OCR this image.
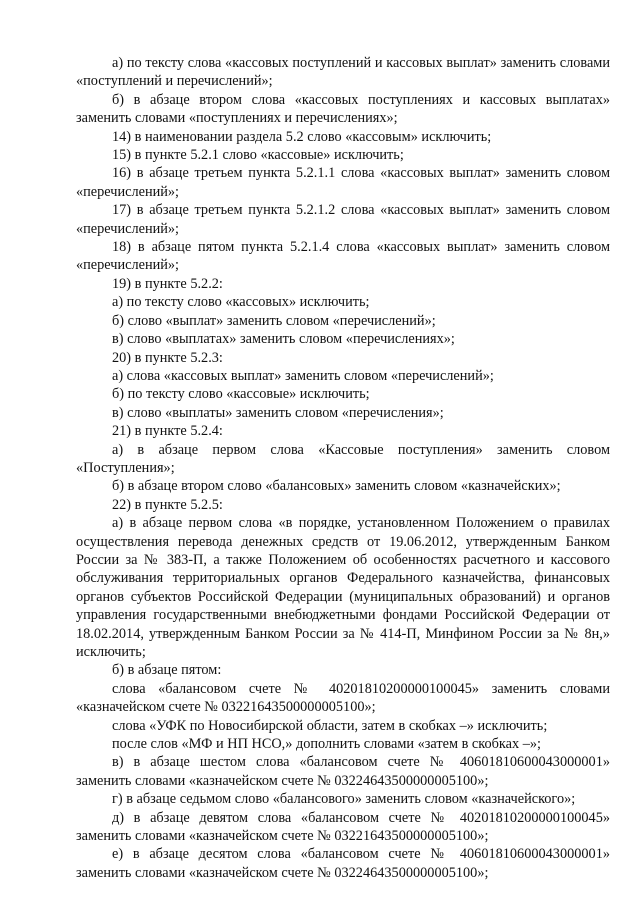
а) по тексту слова «кассовых поступлений и кассовых выплат» заменить словами «поступлений и перечислений»;

б) в абзаце втором слова «кассовых поступлениях и кассовых выплатах» заменить словами «поступлениях и перечислениях»;

14) в наименовании раздела 5.2 слово «кассовым» исключить;

15) в пункте 5.2.1 слово «кассовые» исключить;

16) в абзаце третьем пункта 5.2.1.1 слова «кассовых выплат» заменить словом «перечислений»;

17) в абзаце третьем пункта 5.2.1.2 слова «кассовых выплат» заменить словом «перечислений»;

18) в абзаце пятом пункта 5.2.1.4 слова «кассовых выплат» заменить словом «перечислений»;

19) в пункте 5.2.2:

а) по тексту слово «кассовых» исключить;

б) слово «выплат» заменить словом «перечислений»;

в) слово «выплатах» заменить словом «перечислениях»;

20) в пункте 5.2.3:

а) слова «кассовых выплат» заменить словом «перечислений»;

б) по тексту слово «кассовые» исключить;

в) слово «выплаты» заменить словом «перечисления»;

21) в пункте 5.2.4:

а) в абзаце первом слова «Кассовые поступления» заменить словом «Поступления»;

б) в абзаце втором слово «балансовых» заменить словом «казначейских»;

22) в пункте 5.2.5:

а) в абзаце первом слова «в порядке, установленном Положением о правилах осуществления перевода денежных средств от 19.06.2012, утвержденным Банком России за № 383-П, а также Положением об особенностях расчетного и кассового обслуживания территориальных органов Федерального казначейства, финансовых органов субъектов Российской Федерации (муниципальных образований) и органов управления государственными внебюджетными фондами Российской Федерации от 18.02.2014, утвержденным Банком России за № 414-П, Минфином России за № 8н,» исключить;

б) в абзаце пятом:

слова «балансовом счете № 40201810200000100045» заменить словами «казначейском счете № 03221643500000005100»;

слова «УФК по Новосибирской области, затем в скобках –» исключить;

после слов «МФ и НП НСО,» дополнить словами «затем в скобках –»;

в) в абзаце шестом слова «балансовом счете № 40601810600043000001» заменить словами «казначейском счете № 03224643500000005100»;

г) в абзаце седьмом слово «балансового» заменить словом «казначейского»;

д) в абзаце девятом слова «балансовом счете № 40201810200000100045» заменить словами «казначейском счете № 03221643500000005100»;

е) в абзаце десятом слова «балансовом счете № 40601810600043000001» заменить словами «казначейском счете № 03224643500000005100»;
